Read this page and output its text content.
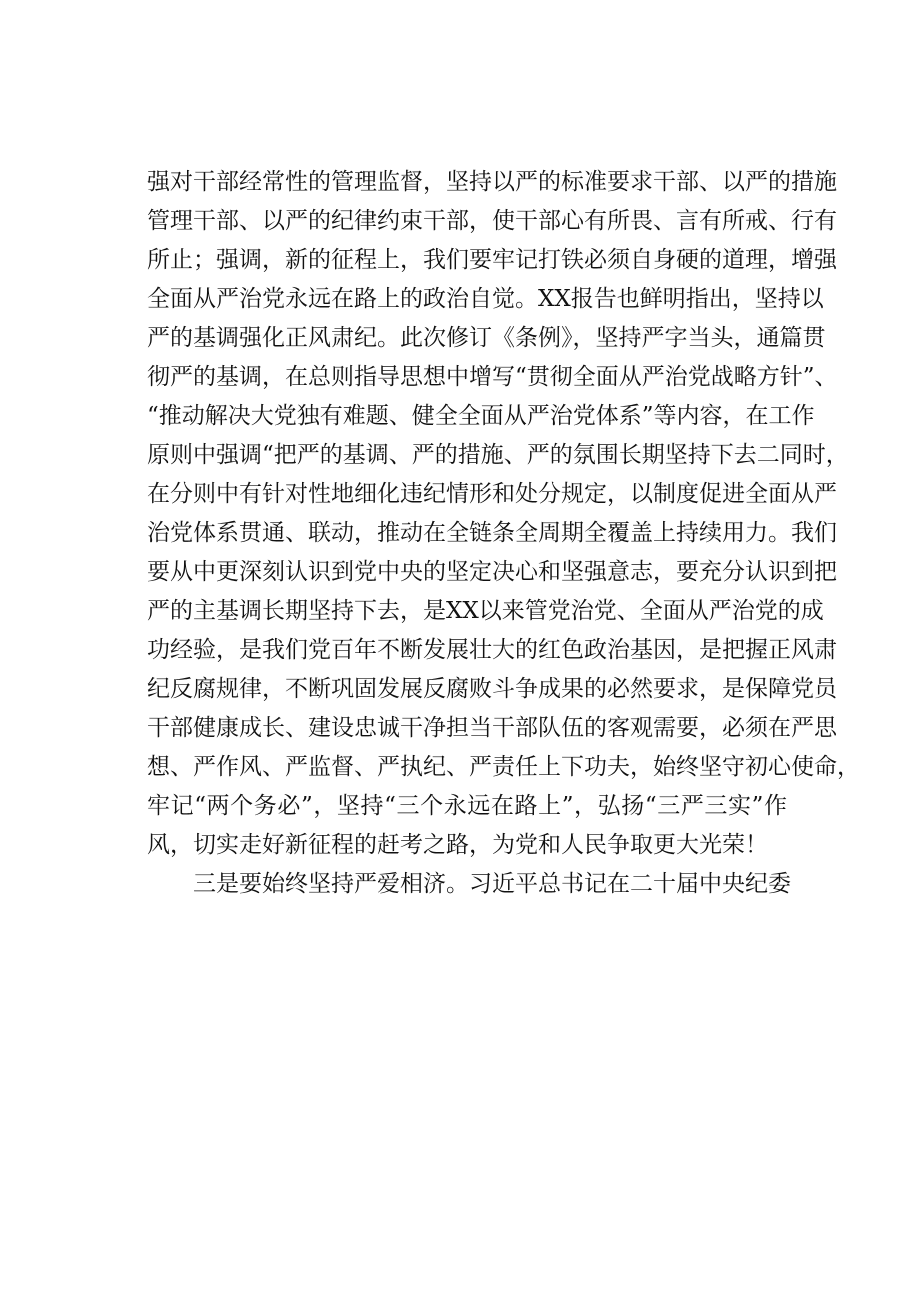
强对干部经常性的管理监督，坚持以严的标准要求干部、以严的措施
管理干部、以严的纪律约束干部，使干部心有所畏、言有所戒、行有
所止；强调，新的征程上，我们要牢记打铁必须自身硬的道理，增强
全面从严治党永远在路上的政治自觉。XX报告也鲜明指出，坚持以
严的基调强化正风肃纪。此次修订《条例》，坚持严字当头，通篇贯
彻严的基调，在总则指导思想中增写“贯彻全面从严治党战略方针”、
“推动解决大党独有难题、健全全面从严治党体系”等内容，在工作
原则中强调“把严的基调、严的措施、严的氛围长期坚持下去二同时，
在分则中有针对性地细化违纪情形和处分规定，以制度促进全面从严
治党体系贯通、联动，推动在全链条全周期全覆盖上持续用力。我们
要从中更深刻认识到党中央的坚定决心和坚强意志，要充分认识到把
严的主基调长期坚持下去，是XX以来管党治党、全面从严治党的成
功经验，是我们党百年不断发展壮大的红色政治基因，是把握正风肃
纪反腐规律，不断巩固发展反腐败斗争成果的必然要求，是保障党员
干部健康成长、建设忠诚干净担当干部队伍的客观需要，必须在严思
想、严作风、严监督、严执纪、严责任上下功夫，始终坚守初心使命，
牢记“两个务必”，坚持“三个永远在路上”，弘扬“三严三实”作
风，切实走好新征程的赶考之路，为党和人民争取更大光荣！
　　三是要始终坚持严爱相济。习近平总书记在二十届中央纪委
